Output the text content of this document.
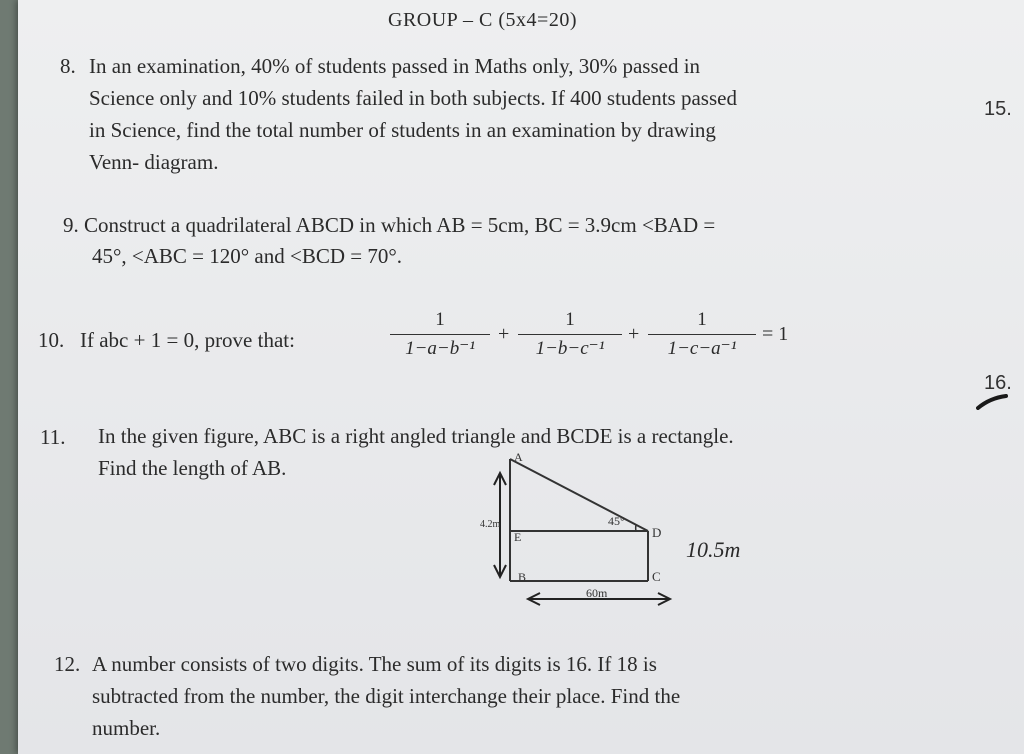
GROUP – C (5x4=20)
8. In an examination, 40% of students passed in Maths only, 30% passed in
Science only and 10% students failed in both subjects. If 400 students passed
in Science, find the total number of students in an examination by drawing
Venn- diagram.
15.
9. Construct a quadrilateral ABCD in which AB = 5cm, BC = 3.9cm <BAD =
45°, <ABC = 120° and <BCD = 70°.
10. If abc + 1 = 0, prove that:
1
1−a−b⁻¹
+
1
1−b−c⁻¹
+
1
1−c−a⁻¹
= 1
16.
11. In the given figure, ABC is a right angled triangle and BCDE is a rectangle.
Find the length of AB.	A
E
B
D
C
45°
60m
4.2m
10.5m
12. A number consists of two digits. The sum of its digits is 16. If 18 is
subtracted from the number, the digit interchange their place. Find the
number.
